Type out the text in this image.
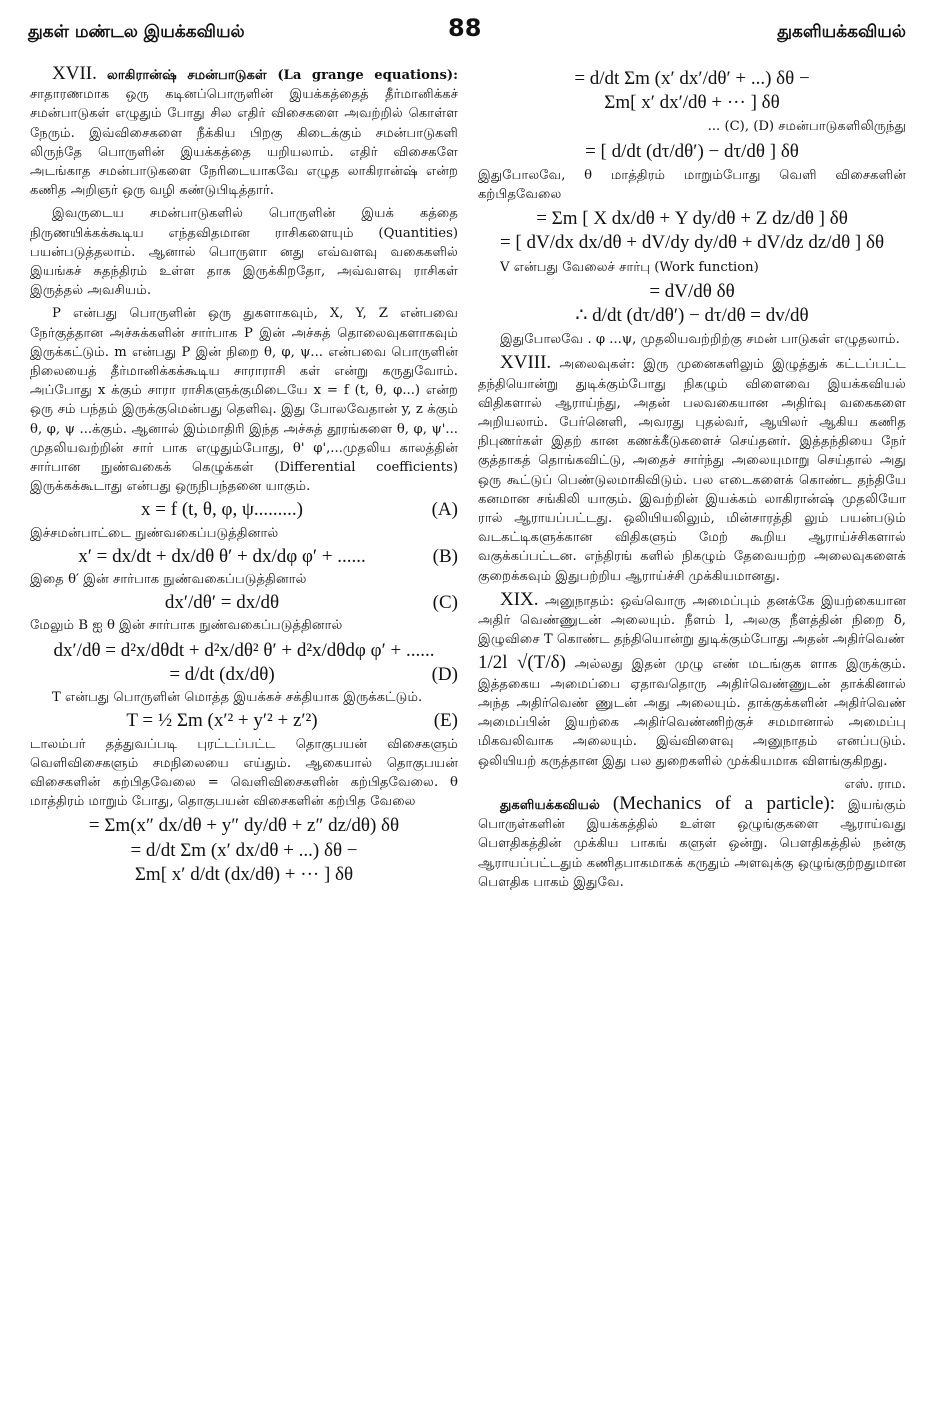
துகள் மண்டல இயக்கவியல்	88	துகளியக்கவியல்

XVII. லாகிரான்ஷ் சமன்பாடுகள் (La grange equations): சாதாரணமாக ஒரு கடினப்பொருளின் இயக்கத்தைத் தீர்மானிக்கச் சமன்பாடுகள் எழுதும் போது சில எதிர் விசைகளை அவற்றில் கொள்ள நேரும். இவ்விசைகளை நீக்கிய பிறகு கிடைக்கும் சமன்பாடுகளி லிருந்தே பொருளின் இயக்கத்தை யறியலாம். எதிர் விசைகளே அடங்காத சமன்பாடுகளை நேரிடையாகவே எழுத லாகிரான்ஷ் என்ற கணித அறிஞர் ஒரு வழி கண்டுபிடித்தார்.

இவருடைய சமன்பாடுகளில் பொருளின் இயக் கத்தை நிருணயிக்கக்கூடிய எந்தவிதமான ராசிகளையும் (Quantities) பயன்படுத்தலாம். ஆனால் பொருளா னது எவ்வளவு வகைகளில் இயங்கச் சுதந்திரம் உள்ள தாக இருக்கிறதோ, அவ்வளவு ராசிகள் இருத்தல் அவசியம்.

P என்பது பொருளின் ஒரு துகளாகவும், X, Y, Z என்பவை நேர்குத்தான அச்சுக்களின் சார்பாக P இன் அச்சுத் தொலைவுகளாகவும் இருக்கட்டும். m என்பது P இன் நிறை θ, φ, ψ... என்பவை பொருளின் நிலையைத் தீர்மானிக்கக்கூடிய சாராராசி கள் என்று கருதுவோம். அப்போது x க்கும் சாரா ராசிகளுக்குமிடையே x = f (t, θ, φ...) என்ற ஒரு சம் பந்தம் இருக்குமென்பது தெளிவு. இது போலவேதான் y, z க்கும் θ, φ, ψ ...க்கும். ஆனால் இம்மாதிரி இந்த அச்சுத் தூரங்களை θ, φ, ψ'... முதலியவற்றின் சார் பாக எழுதும்போது, θ' φ',...முதலிய காலத்தின் சார்பான நுண்வகைக் கெழுக்கள் (Differential coefficients) இருக்கக்கூடாது என்பது ஒருநிபந்தனை யாகும்.

x = f (t, θ, φ, ψ.........)	(A)

இச்சமன்பாட்டை நுண்வகைப்படுத்தினால்

x′ = dx/dt + dx/dθ θ′ + dx/dφ φ′ + ......	(B)

இதை θ′ இன் சார்பாக நுண்வகைப்படுத்தினால்

dx′/dθ′ = dx/dθ	(C)

மேலும் B ஐ θ இன் சார்பாக நுண்வகைப்படுத்தினால்

dx′/dθ = d²x/dθdt + d²x/dθ² θ′ + d²x/dθdφ φ′ + ......
= d/dt (dx/dθ)	(D)

T என்பது பொருளின் மொத்த இயக்கச் சக்தியாக இருக்கட்டும்.

T = ½ Σm (x′² + y′² + z′²)	(E)

டாலம்பர் தத்துவப்படி புரட்டப்பட்ட தொகுபயன் விசைகளும் வெளிவிசைகளும் சமநிலையை எய்தும். ஆகையால் தொகுபயன் விசைகளின் கற்பிதவேலை = வெளிவிசைகளின் கற்பிதவேலை. θ மாத்திரம் மாறும் போது, தொகுபயன் விசைகளின் கற்பித வேலை

= Σm(x″ dx/dθ + y″ dy/dθ + z″ dz/dθ) δθ
= d/dt Σm (x′ dx/dθ + ...) δθ −
Σm[ x′ d/dt (dx/dθ) + ··· ] δθ
= d/dt Σm (x′ dx′/dθ′ + ...) δθ −
Σm[ x′ dx′/dθ + ··· ] δθ
... (C), (D) சமன்பாடுகளிலிருந்து
= [ d/dt (dτ/dθ′) − dτ/dθ ] δθ

இதுபோலவே, θ மாத்திரம் மாறும்போது வெளி விசைகளின் கற்பிதவேலை

= Σm [ X dx/dθ + Y dy/dθ + Z dz/dθ ] δθ
= [ dV/dx dx/dθ + dV/dy dy/dθ + dV/dz dz/dθ ] δθ

V என்பது வேலைச் சார்பு (Work function)

= dV/dθ δθ
∴ d/dt (dτ/dθ′) − dτ/dθ = dv/dθ

இதுபோலவே . φ ...ψ, முதலியவற்றிற்கு சமன் பாடுகள் எழுதலாம்.

XVIII. அலைவுகள்: இரு முனைகளிலும் இழுத்துக் கட்டப்பட்ட தந்தியொன்று துடிக்கும்போது நிகழும் விளைவை இயக்கவியல் விதிகளால் ஆராய்ந்து, அதன் பலவகையான அதிர்வு வகைகளை அறியலாம். பேர்னெளி, அவரது புதல்வர், ஆயிலர் ஆகிய கணித நிபுணர்கள் இதற் கான கணக்கீடுகளைச் செய்தனர். இத்தந்தியை நேர் குத்தாகத் தொங்கவிட்டு, அதைச் சார்ந்து அலையுமாறு செய்தால் அது ஒரு கூட்டுப் பெண்டுலமாகிவிடும். பல எடைகளைக் கொண்ட தந்தியே கனமான சங்கிலி யாகும். இவற்றின் இயக்கம் லாகிரான்ஷ் முதலியோ ரால் ஆராயப்பட்டது. ஒலியியலிலும், மின்சாரத்தி லும் பயன்படும் வடகட்டிகளுக்கான விதிகளும் மேற் கூறிய ஆராய்ச்சிகளால் வகுக்கப்பட்டன. எந்திரங் களில் நிகழும் தேவையற்ற அலைவுகளைக் குறைக்கவும் இதுபற்றிய ஆராய்ச்சி முக்கியமானது.

XIX. அனுநாதம்: ஒவ்வொரு அமைப்பும் தனக்கே இயற்கையான அதிர் வெண்ணுடன் அலையும். நீளம் l, அலகு நீளத்தின் நிறை δ, இழுவிசை T கொண்ட தந்தியொன்று துடிக்கும்போது அதன் அதிர்வெண்

1/2l √(T/δ) அல்லது இதன் முழு எண் மடங்குக ளாக இருக்கும். இத்தகைய அமைப்பை ஏதாவதொரு அதிர்வெண்ணுடன் தாக்கினால் அந்த அதிர்வெண் ணுடன் அது அலையும். தாக்குக்களின் அதிர்வெண் அமைப்பின் இயற்கை அதிர்வெண்ணிற்குச் சமமானால் அமைப்பு மிகவலிவாக அலையும். இவ்விளைவு அனுநாதம் எனப்படும். ஒலியியற் கருத்தான இது பல துறைகளில் முக்கியமாக விளங்குகிறது.

எஸ். ராம.

துகளியக்கவியல் (Mechanics of a particle): இயங்கும் பொருள்களின் இயக்கத்தில் உள்ள ஒழுங்குகளை ஆராய்வது பௌதிகத்தின் முக்கிய பாகங் களுள் ஒன்று. பௌதிகத்தில் நன்கு ஆராயப்பட்டதும் கணிதபாகமாகக் கருதும் அளவுக்கு ஒழுங்குற்றதுமான பௌதிக பாகம் இதுவே.
